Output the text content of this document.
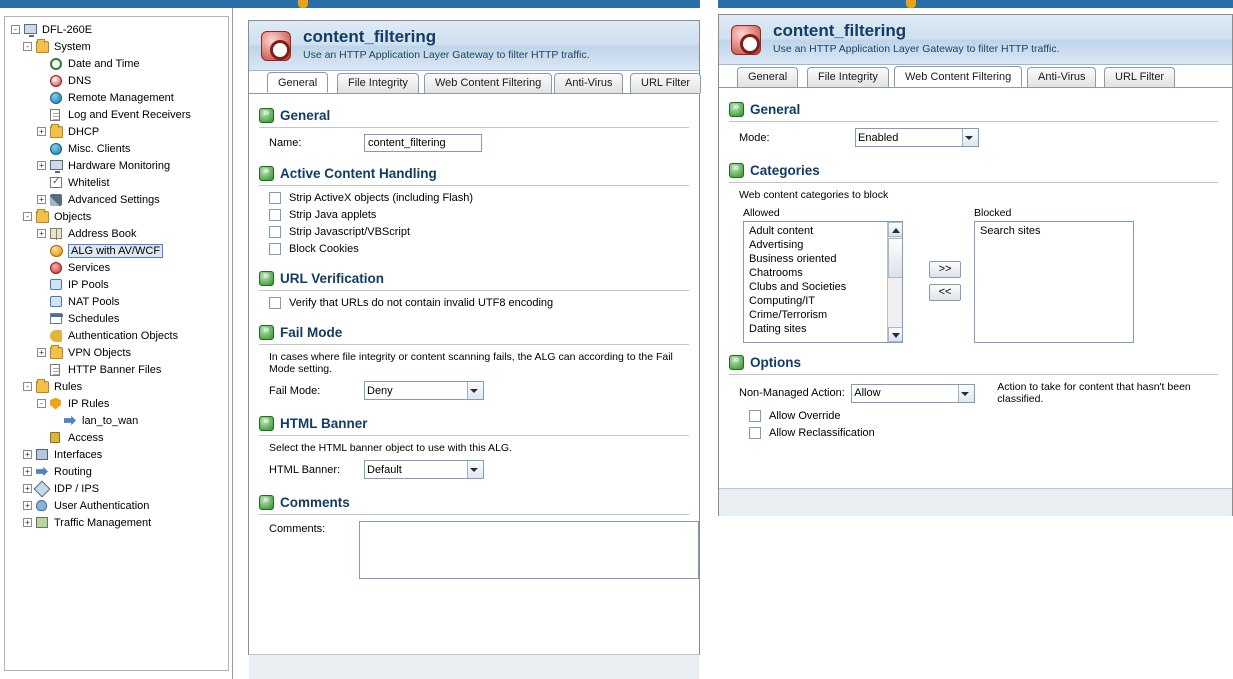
- DFL-260E
- System
Date and Time
DNS
Remote Management
Log and Event Receivers
+ DHCP
Misc. Clients
+ Hardware Monitoring
✓
Whitelist
+ Advanced Settings
- Objects
+ Address Book
ALG with AV/WCF
Services
IP Pools
NAT Pools
Schedules
Authentication Objects
+ VPN Objects
HTTP Banner Files
- Rules
- IP Rules
lan_to_wan
Access
+ Interfaces
+ Routing
+ IDP / IPS
+ User Authentication
+ Traffic Management
content_filtering
Use an HTTP Application Layer Gateway to filter HTTP traffic.
General	File Integrity	Web Content Filtering	Anti-Virus	URL Filter
»
General
Name:
content_filtering
»
Active Content Handling
Strip ActiveX objects (including Flash)
Strip Java applets
Strip Javascript/VBScript
Block Cookies
»
URL Verification
Verify that URLs do not contain invalid UTF8 encoding
»
Fail Mode
In cases where file integrity or content scanning fails, the ALG can according to the Fail Mode setting.
Fail Mode:
Deny
»
HTML Banner
Select the HTML banner object to use with this ALG.
HTML Banner:
Default
»
Comments
Comments:
content_filtering
Use an HTTP Application Layer Gateway to filter HTTP traffic.
General	File Integrity	Web Content Filtering	Anti-Virus	URL Filter
»
General
Mode:
Enabled
»
Categories
Web content categories to block
Allowed
Adult content
Advertising
Business oriented
Chatrooms
Clubs and Societies
Computing/IT
Crime/Terrorism
Dating sites
>>
<<
Blocked
Search sites
»
Options
Non-Managed Action:
Allow	Action to take for content that hasn't been classified.
Allow Override
Allow Reclassification
